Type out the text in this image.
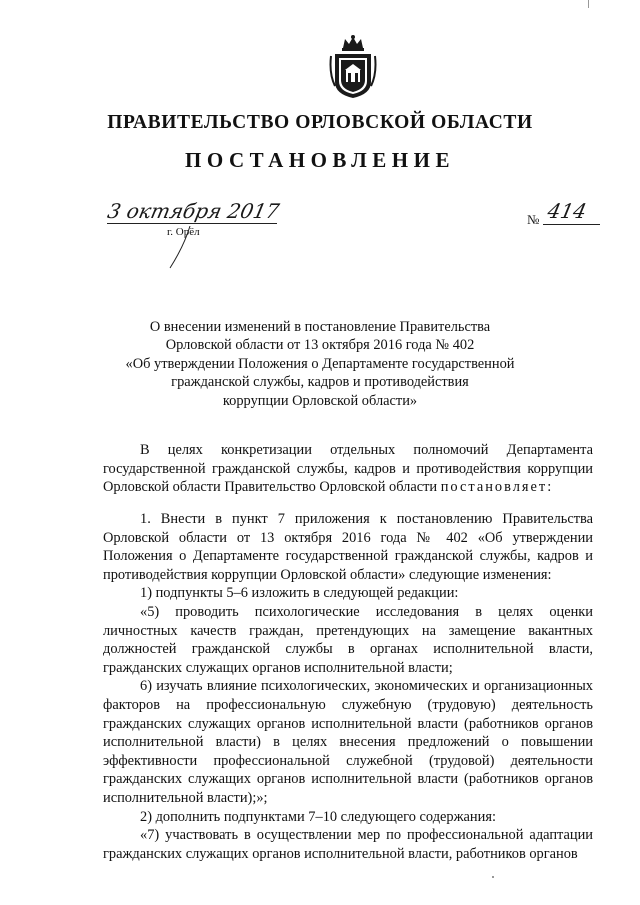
ПРАВИТЕЛЬСТВО ОРЛОВСКОЙ ОБЛАСТИ
ПОСТАНОВЛЕНИЕ
3 октября 2017
г. Орёл
№ 414
О внесении изменений в постановление Правительства
Орловской области от 13 октября 2016 года № 402
«Об утверждении Положения о Департаменте государственной
гражданской службы, кадров и противодействия
коррупции Орловской области»

В целях конкретизации отдельных полномочий Департамента государственной гражданской службы, кадров и противодействия коррупции Орловской области Правительство Орловской области постановляет:

1. Внести в пункт 7 приложения к постановлению Правительства Орловской области от 13 октября 2016 года № 402 «Об утверждении Положения о Департаменте государственной гражданской службы, кадров и противодействия коррупции Орловской области» следующие изменения:

1) подпункты 5–6 изложить в следующей редакции:

«5) проводить психологические исследования в целях оценки личностных качеств граждан, претендующих на замещение вакантных должностей гражданской службы в органах исполнительной власти, гражданских служащих органов исполнительной власти;

6) изучать влияние психологических, экономических и организационных факторов на профессиональную служебную (трудовую) деятельность гражданских служащих органов исполнительной власти (работников органов исполнительной власти) в целях внесения предложений о повышении эффективности профессиональной служебной (трудовой) деятельности гражданских служащих органов исполнительной власти (работников органов исполнительной власти);»;

2) дополнить подпунктами 7–10 следующего содержания:

«7) участвовать в осуществлении мер по профессиональной адаптации гражданских служащих органов исполнительной власти, работников органов
